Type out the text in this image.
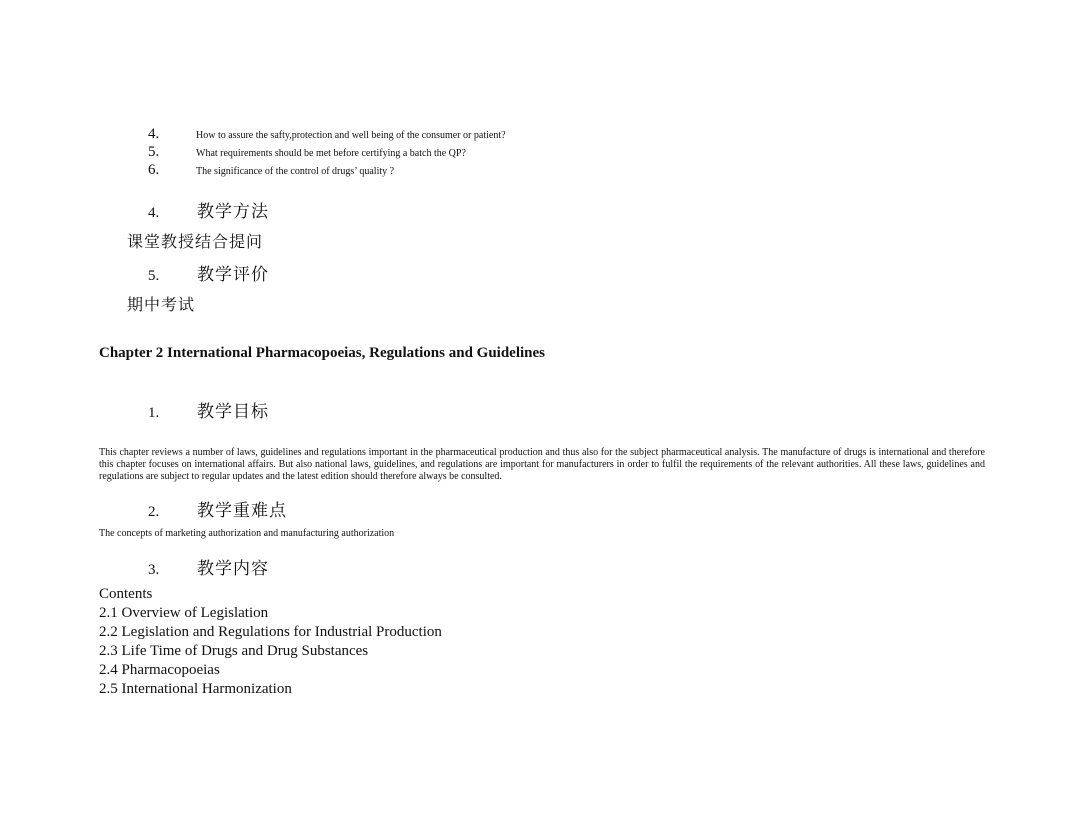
4.	How to assure the safty,protection and well being of the consumer or patient?
5.	What requirements should be met before certifying a batch the QP?
6.	The significance of the control of drugs’ quality ?
4.	教学方法
课堂教授结合提问
5.	教学评价
期中考试
Chapter 2 International Pharmacopoeias, Regulations and Guidelines
1.	教学目标

This chapter reviews a number of laws, guidelines and regulations important in the pharmaceutical production and thus also for the subject pharmaceutical analysis. The manufacture of drugs is international and therefore this chapter focuses on international affairs. But also national laws, guidelines, and regulations are important for manufacturers in order to fulfil the requirements of the relevant authorities. All these laws, guidelines and regulations are subject to regular updates and the latest edition should therefore always be consulted.

2.	教学重难点

The concepts of marketing authorization and manufacturing authorization

3.	教学内容
Contents
2.1 Overview of Legislation
2.2 Legislation and Regulations for Industrial Production
2.3 Life Time of Drugs and Drug Substances
2.4 Pharmacopoeias
2.5 International Harmonization
